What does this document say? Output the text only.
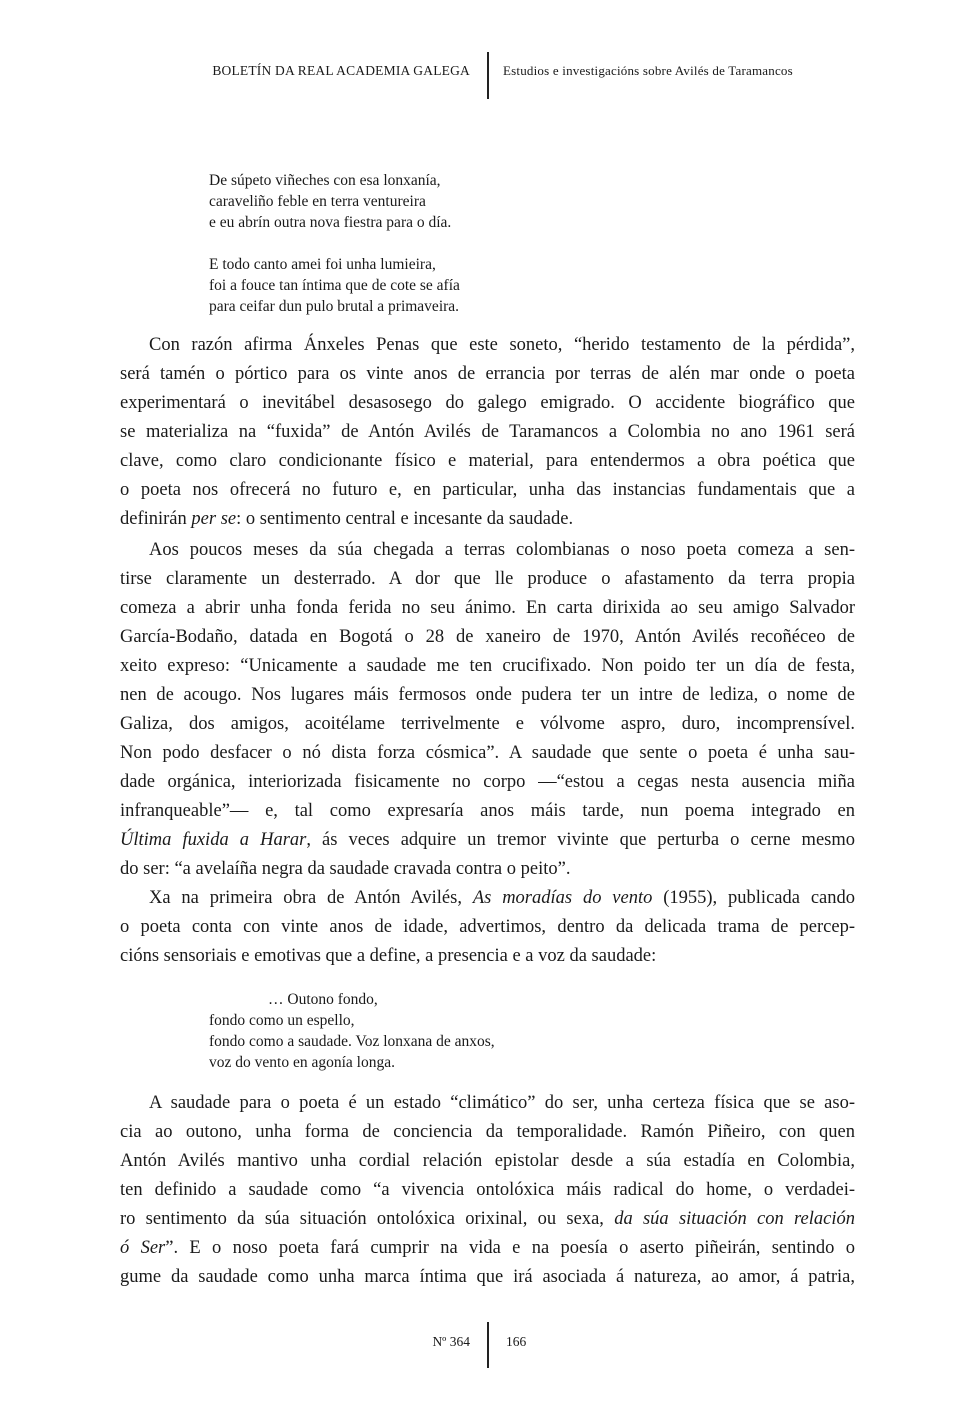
BOLETÍN DA REAL ACADEMIA GALEGA	Estudios e investigacións sobre Avilés de Taramancos
De súpeto viñeches con esa lonxanía,
caraveliño feble en terra ventureira
e eu abrín outra nova fiestra para o día.
E todo canto amei foi unha lumieira,
foi a fouce tan íntima que de cote se afía
para ceifar dun pulo brutal a primaveira.
Con razón afirma Ánxeles Penas que este soneto, “herido testamento de la pérdida”,
será tamén o pórtico para os vinte anos de errancia por terras de alén mar onde o poeta
experimentará o inevitábel desasosego do galego emigrado. O accidente biográfico que
se materializa na “fuxida” de Antón Avilés de Taramancos a Colombia no ano 1961 será
clave, como claro condicionante físico e material, para entendermos a obra poética que
o poeta nos ofrecerá no futuro e, en particular, unha das instancias fundamentais que a
definirán per se: o sentimento central e incesante da saudade.
Aos poucos meses da súa chegada a terras colombianas o noso poeta comeza a sen-
tirse claramente un desterrado. A dor que lle produce o afastamento da terra propia
comeza a abrir unha fonda ferida no seu ánimo. En carta dirixida ao seu amigo Salvador
García-Bodaño, datada en Bogotá o 28 de xaneiro de 1970, Antón Avilés recoñéceo de
xeito expreso: “Unicamente a saudade me ten crucifixado. Non poido ter un día de festa,
nen de acougo. Nos lugares máis fermosos onde pudera ter un intre de lediza, o nome de
Galiza, dos amigos, acoitélame terrivelmente e vólvome aspro, duro, incomprensível.
Non podo desfacer o nó dista forza cósmica”. A saudade que sente o poeta é unha sau-
dade orgánica, interiorizada fisicamente no corpo —“estou a cegas nesta ausencia miña
infranqueable”— e, tal como expresaría anos máis tarde, nun poema integrado en
Última fuxida a Harar, ás veces adquire un tremor vivinte que perturba o cerne mesmo
do ser: “a avelaíña negra da saudade cravada contra o peito”.
Xa na primeira obra de Antón Avilés, As moradías do vento (1955), publicada cando
o poeta conta con vinte anos de idade, advertimos, dentro da delicada trama de percep-
cións sensoriais e emotivas que a define, a presencia e a voz da saudade:
… Outono fondo,
fondo como un espello,
fondo como a saudade. Voz lonxana de anxos,
voz do vento en agonía longa.
A saudade para o poeta é un estado “climático” do ser, unha certeza física que se aso-
cia ao outono, unha forma de conciencia da temporalidade. Ramón Piñeiro, con quen
Antón Avilés mantivo unha cordial relación epistolar desde a súa estadía en Colombia,
ten definido a saudade como “a vivencia ontolóxica máis radical do home, o verdadei-
ro sentimento da súa situación ontolóxica orixinal, ou sexa, da súa situación con relación
ó Ser”. E o noso poeta fará cumprir na vida e na poesía o aserto piñeirán, sentindo o
gume da saudade como unha marca íntima que irá asociada á natureza, ao amor, á patria,
Nº 364	166
